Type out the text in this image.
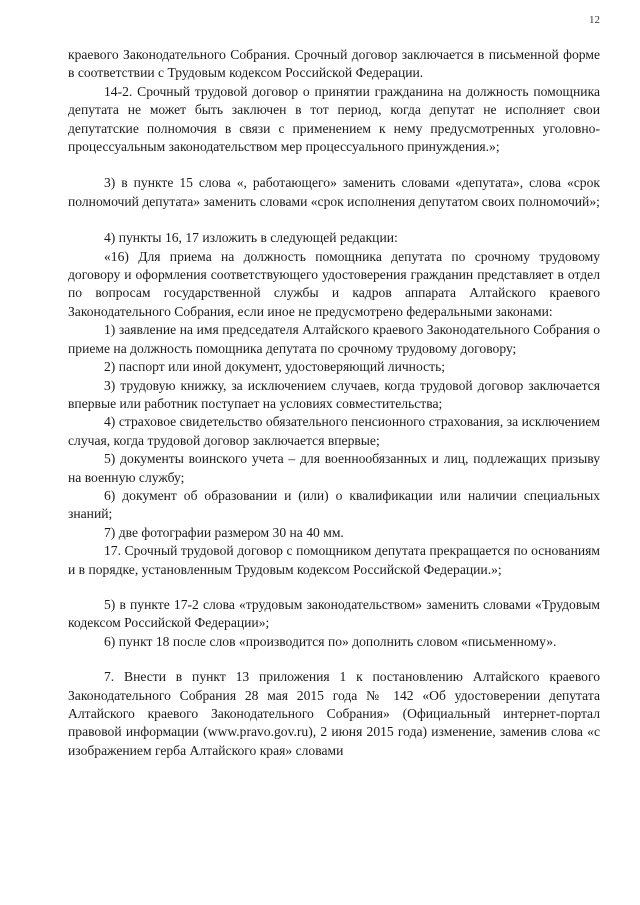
12

краевого Законодательного Собрания. Срочный договор заключается в письменной форме в соответствии с Трудовым кодексом Российской Федерации.

14-2. Срочный трудовой договор о принятии гражданина на должность помощника депутата не может быть заключен в тот период, когда депутат не исполняет свои депутатские полномочия в связи с применением к нему предусмотренных уголовно-процессуальным законодательством мер процессуального принуждения.»;

3) в пункте 15 слова «, работающего» заменить словами «депутата», слова «срок полномочий депутата» заменить словами «срок исполнения депутатом своих полномочий»;

4) пункты 16, 17 изложить в следующей редакции:

«16) Для приема на должность помощника депутата по срочному трудовому договору и оформления соответствующего удостоверения гражданин представляет в отдел по вопросам государственной службы и кадров аппарата Алтайского краевого Законодательного Собрания, если иное не предусмотрено федеральными законами:

1) заявление на имя председателя Алтайского краевого Законодательного Собрания о приеме на должность помощника депутата по срочному трудовому договору;

2) паспорт или иной документ, удостоверяющий личность;

3) трудовую книжку, за исключением случаев, когда трудовой договор заключается впервые или работник поступает на условиях совместительства;

4) страховое свидетельство обязательного пенсионного страхования, за исключением случая, когда трудовой договор заключается впервые;

5) документы воинского учета – для военнообязанных и лиц, подлежащих призыву на военную службу;

6) документ об образовании и (или) о квалификации или наличии специальных знаний;

7) две фотографии размером 30 на 40 мм.

17. Срочный трудовой договор с помощником депутата прекращается по основаниям и в порядке, установленным Трудовым кодексом Российской Федерации.»;

5) в пункте 17-2 слова «трудовым законодательством» заменить словами «Трудовым кодексом Российской Федерации»;

6) пункт 18 после слов «производится по» дополнить словом «письменному».

7. Внести в пункт 13 приложения 1 к постановлению Алтайского краевого Законодательного Собрания 28 мая 2015 года № 142 «Об удостоверении депутата Алтайского краевого Законодательного Собрания» (Официальный интернет-портал правовой информации (www.pravo.gov.ru), 2 июня 2015 года) изменение, заменив слова «с изображением герба Алтайского края» словами
